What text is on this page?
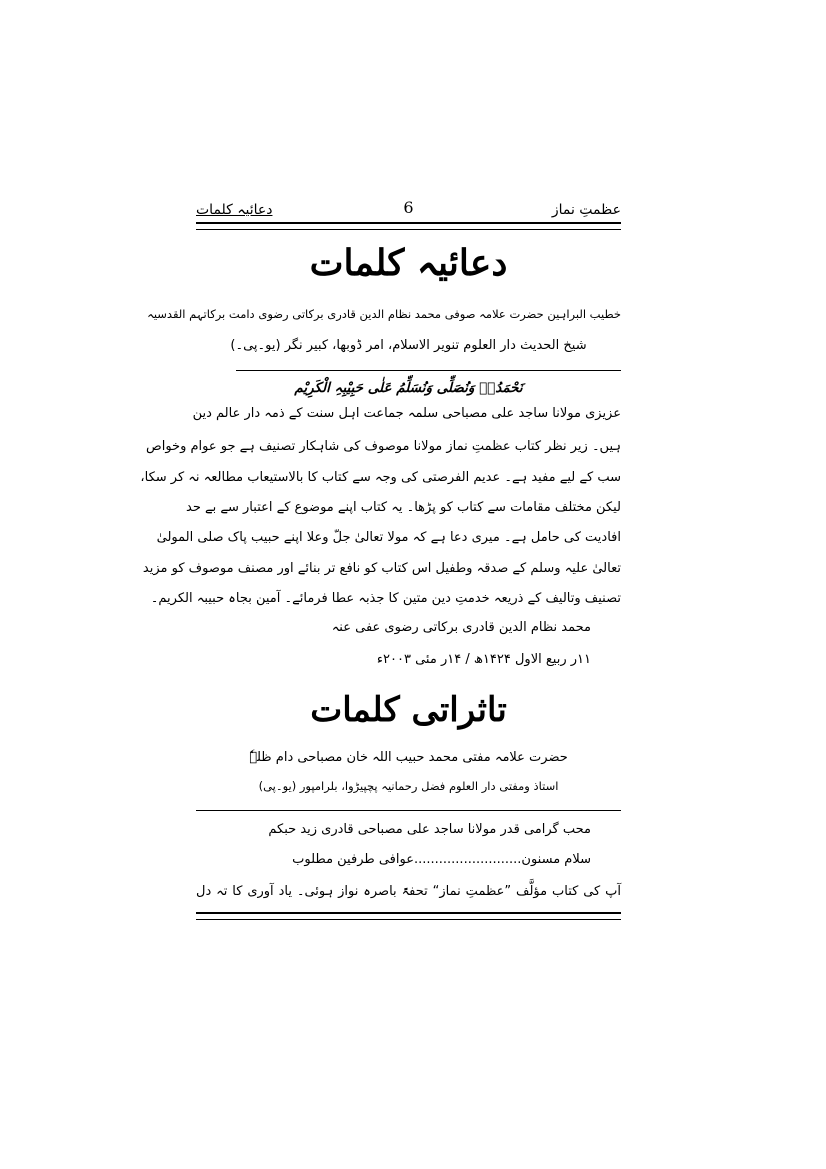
عظمتِ نماز
6
دعائیہ کلمات
دعائیہ کلمات
خطیب البراہین حضرت علامہ صوفی محمد نظام الدین قادری برکاتی رضوی دامت برکاتہم القدسیہ
شیخ الحدیث دار العلوم تنویر الاسلام، امر ڈوبھا، کبیر نگر (یو۔پی۔)
نَحْمَدُہٗ وَنُصَلِّی وَنُسَلِّمُ عَلٰی حَبِیْبِہِ الْکَرِیْم
عزیزی مولانا ساجد علی مصباحی سلمہ جماعت اہل سنت کے ذمہ دار عالم دین
ہیں۔ زیر نظر کتاب عظمتِ نماز مولانا موصوف کی شاہکار تصنیف ہے جو عوام وخواص
سب کے لیے مفید ہے۔ عدیم الفرصتی کی وجہ سے کتاب کا بالاستیعاب مطالعہ نہ کر سکا،
لیکن مختلف مقامات سے کتاب کو پڑھا۔ یہ کتاب اپنے موضوع کے اعتبار سے بے حد
افادیت کی حامل ہے۔ میری دعا ہے کہ مولا تعالیٰ جلّ وعلا اپنے حبیب پاک صلی المولیٰ
تعالیٰ علیہ وسلم کے صدقہ وطفیل اس کتاب کو نافع تر بنائے اور مصنف موصوف کو مزید
تصنیف وتالیف کے ذریعہ خدمتِ دین متین کا جذبہ عطا فرمائے۔ آمین بجاہ حبیبہ الکریم۔
محمد نظام الدین قادری برکاتی رضوی عفی عنہ
۱۱ر ربیع الاول ۱۴۲۴ھ / ۱۴ر مئی ۲۰۰۳ء
تاثراتی کلمات
حضرت علامہ مفتی محمد حبیب اللہ خان مصباحی دام ظلہٗ
استاذ ومفتی دار العلوم فضل رحمانیہ پچپیڑوا، بلرامپور (یو۔پی)
محب گرامی قدر مولانا ساجد علی مصباحی قادری زید حبکم
سلام مسنون..........................عوافی طرفین مطلوب
آپ کی کتاب مؤلَّف ”عظمتِ نماز“ تحفۃً باصرہ نواز ہوئی۔ یاد آوری کا تہ دل
